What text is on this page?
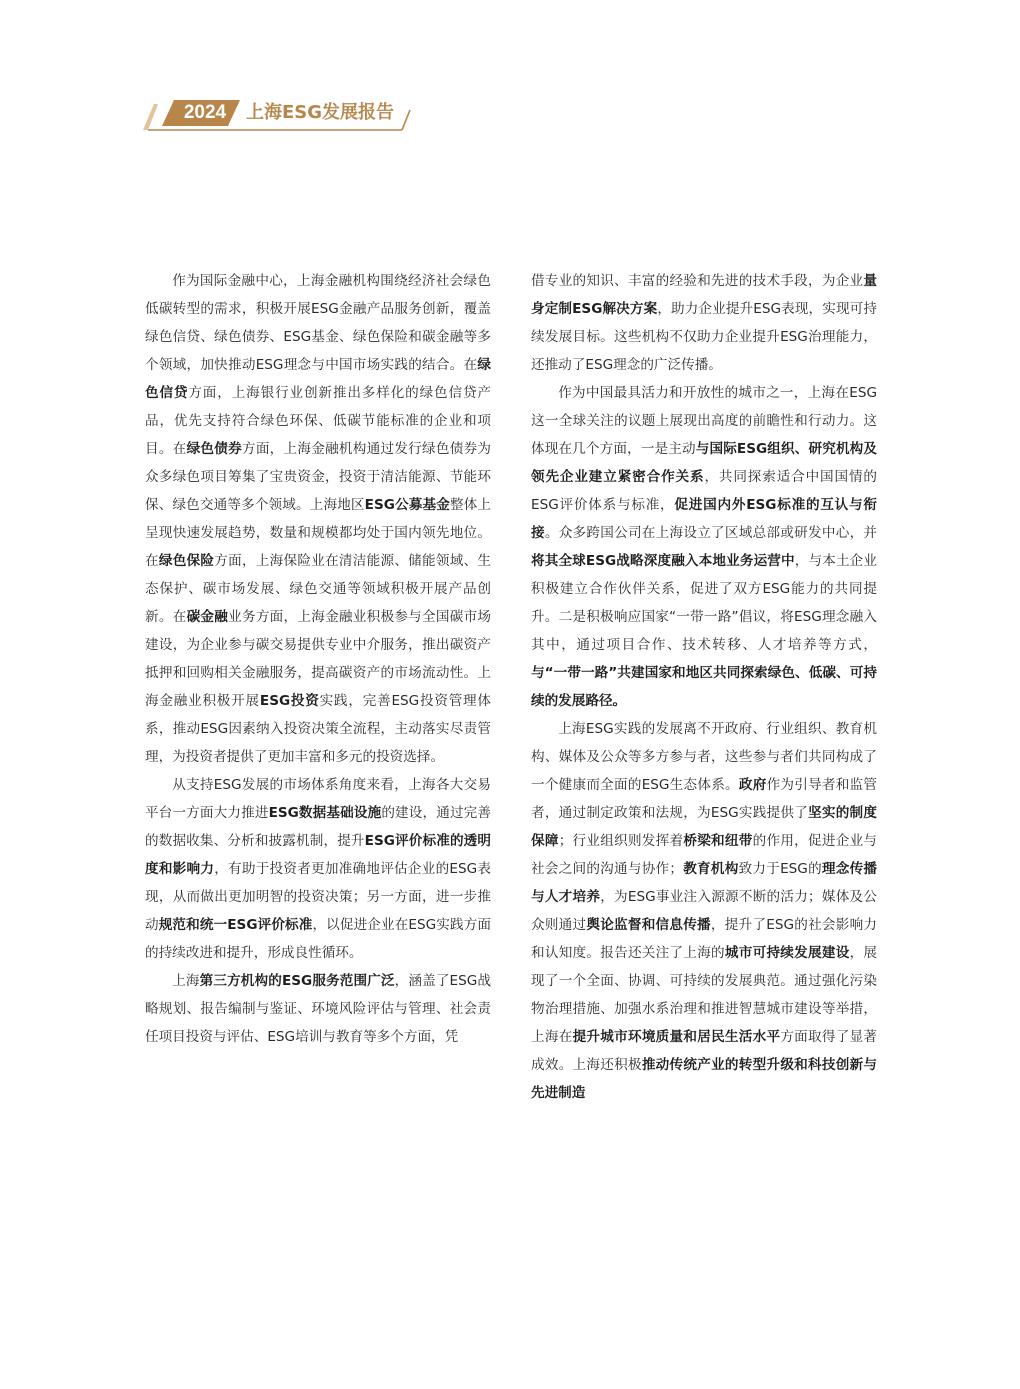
2024	上海ESG发展报告

作为国际金融中心，上海金融机构围绕经济社会绿色低碳转型的需求，积极开展ESG金融产品服务创新，覆盖绿色信贷、绿色债券、ESG基金、绿色保险和碳金融等多个领域，加快推动ESG理念与中国市场实践的结合。在绿色信贷方面，上海银行业创新推出多样化的绿色信贷产品，优先支持符合绿色环保、低碳节能标准的企业和项目。在绿色债券方面，上海金融机构通过发行绿色债券为众多绿色项目筹集了宝贵资金，投资于清洁能源、节能环保、绿色交通等多个领域。上海地区ESG公募基金整体上呈现快速发展趋势，数量和规模都均处于国内领先地位。在绿色保险方面，上海保险业在清洁能源、储能领域、生态保护、碳市场发展、绿色交通等领域积极开展产品创新。在碳金融业务方面，上海金融业积极参与全国碳市场建设，为企业参与碳交易提供专业中介服务，推出碳资产抵押和回购相关金融服务，提高碳资产的市场流动性。上海金融业积极开展ESG投资实践，完善ESG投资管理体系，推动ESG因素纳入投资决策全流程，主动落实尽责管理，为投资者提供了更加丰富和多元的投资选择。

从支持ESG发展的市场体系角度来看，上海各大交易平台一方面大力推进ESG数据基础设施的建设，通过完善的数据收集、分析和披露机制，提升ESG评价标准的透明度和影响力，有助于投资者更加准确地评估企业的ESG表现，从而做出更加明智的投资决策；另一方面，进一步推动规范和统一ESG评价标准，以促进企业在ESG实践方面的持续改进和提升，形成良性循环。

上海第三方机构的ESG服务范围广泛，涵盖了ESG战略规划、报告编制与鉴证、环境风险评估与管理、社会责任项目投资与评估、ESG培训与教育等多个方面，凭

借专业的知识、丰富的经验和先进的技术手段，为企业量身定制ESG解决方案，助力企业提升ESG表现，实现可持续发展目标。这些机构不仅助力企业提升ESG治理能力，还推动了ESG理念的广泛传播。

作为中国最具活力和开放性的城市之一，上海在ESG这一全球关注的议题上展现出高度的前瞻性和行动力。这体现在几个方面，一是主动与国际ESG组织、研究机构及领先企业建立紧密合作关系，共同探索适合中国国情的ESG评价体系与标准，促进国内外ESG标准的互认与衔接。众多跨国公司在上海设立了区域总部或研发中心，并将其全球ESG战略深度融入本地业务运营中，与本土企业积极建立合作伙伴关系，促进了双方ESG能力的共同提升。二是积极响应国家“一带一路”倡议，将ESG理念融入其中，通过项目合作、技术转移、人才培养等方式，与“一带一路”共建国家和地区共同探索绿色、低碳、可持续的发展路径。

上海ESG实践的发展离不开政府、行业组织、教育机构、媒体及公众等多方参与者，这些参与者们共同构成了一个健康而全面的ESG生态体系。政府作为引导者和监管者，通过制定政策和法规，为ESG实践提供了坚实的制度保障；行业组织则发挥着桥梁和纽带的作用，促进企业与社会之间的沟通与协作；教育机构致力于ESG的理念传播与人才培养，为ESG事业注入源源不断的活力；媒体及公众则通过舆论监督和信息传播，提升了ESG的社会影响力和认知度。报告还关注了上海的城市可持续发展建设，展现了一个全面、协调、可持续的发展典范。通过强化污染物治理措施、加强水系治理和推进智慧城市建设等举措，上海在提升城市环境质量和居民生活水平方面取得了显著成效。上海还积极推动传统产业的转型升级和科技创新与先进制造
